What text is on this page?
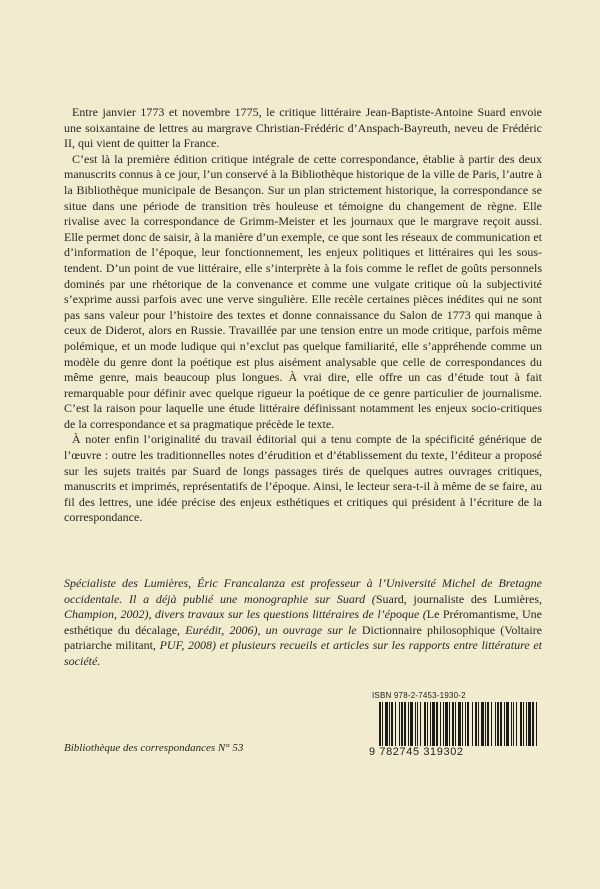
Entre janvier 1773 et novembre 1775, le critique littéraire Jean-Baptiste-Antoine Suard envoie une soixantaine de lettres au margrave Christian-Frédéric d’Anspach-Bayreuth, neveu de Frédéric II, qui vient de quitter la France.

C’est là la première édition critique intégrale de cette correspondance, établie à partir des deux manuscrits connus à ce jour, l’un conservé à la Bibliothèque historique de la ville de Paris, l’autre à la Bibliothèque municipale de Besançon. Sur un plan strictement historique, la correspondance se situe dans une période de transition très houleuse et témoigne du changement de règne. Elle rivalise avec la correspondance de Grimm-Meister et les journaux que le margrave reçoit aussi. Elle permet donc de saisir, à la manière d’un exemple, ce que sont les réseaux de communication et d’information de l’époque, leur fonctionnement, les enjeux politiques et littéraires qui les sous-tendent. D’un point de vue littéraire, elle s’interprète à la fois comme le reflet de goûts personnels dominés par une rhétorique de la convenance et comme une vulgate critique où la subjectivité s’exprime aussi parfois avec une verve singulière. Elle recèle certaines pièces inédites qui ne sont pas sans valeur pour l’histoire des textes et donne connaissance du Salon de 1773 qui manque à ceux de Diderot, alors en Russie. Travaillée par une tension entre un mode critique, parfois même polémique, et un mode ludique qui n’exclut pas quelque familiarité, elle s’appréhende comme un modèle du genre dont la poétique est plus aisément analysable que celle de correspondances du même genre, mais beaucoup plus longues. À vrai dire, elle offre un cas d’étude tout à fait remarquable pour définir avec quelque rigueur la poétique de ce genre particulier de journalisme. C’est la raison pour laquelle une étude littéraire définissant notamment les enjeux socio-critiques de la correspondance et sa pragmatique précède le texte.

À noter enfin l’originalité du travail éditorial qui a tenu compte de la spécificité générique de l’œuvre : outre les traditionnelles notes d’érudition et d’établissement du texte, l’éditeur a proposé sur les sujets traités par Suard de longs passages tirés de quelques autres ouvrages critiques, manuscrits et imprimés, représentatifs de l’époque. Ainsi, le lecteur sera-t-il à même de se faire, au fil des lettres, une idée précise des enjeux esthétiques et critiques qui président à l’écriture de la correspondance.

Spécialiste des Lumières, Éric Francalanza est professeur à l’Université Michel de Bretagne occidentale. Il a déjà publié une monographie sur Suard (Suard, journaliste des Lumières, Champion, 2002), divers travaux sur les questions littéraires de l’époque (Le Préromantisme, Une esthétique du décalage, Eurédit, 2006), un ouvrage sur le Dictionnaire philosophique (Voltaire patriarche militant, PUF, 2008) et plusieurs recueils et articles sur les rapports entre littérature et société.

Bibliothèque des correspondances N° 53

ISBN 978-2-7453-1930-2

9 782745 319302
